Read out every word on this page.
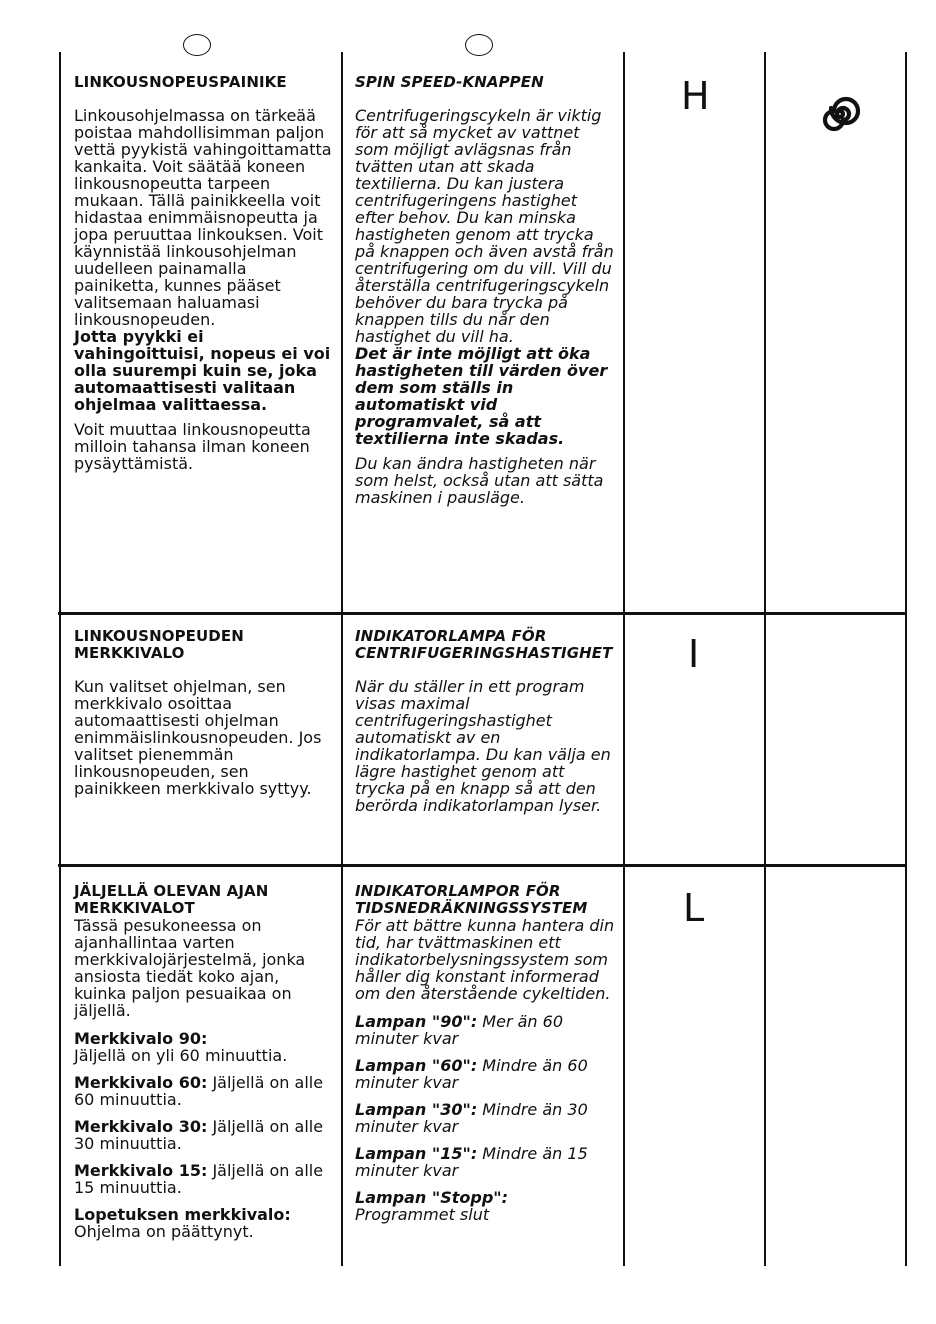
LINKOUSNOPEUSPAINIKE

Linkousohjelmassa on tärkeää poistaa mahdollisimman paljon vettä pyykistä vahingoittamatta kankaita. Voit säätää koneen linkousnopeutta tarpeen mukaan. Tällä painikkeella voit hidastaa enimmäisnopeutta ja jopa peruuttaa linkouksen. Voit käynnistää linkousohjelman uudelleen painamalla painiketta, kunnes pääset valitsemaan haluamasi linkousnopeuden.

Jotta pyykki ei vahingoittuisi, nopeus ei voi olla suurempi kuin se, joka automaattisesti valitaan ohjelmaa valittaessa.

Voit muuttaa linkousnopeutta milloin tahansa ilman koneen pysäyttämistä.

SPIN SPEED-KNAPPEN

Centrifugeringscykeln är viktig för att så mycket av vattnet som möjligt avlägsnas från tvätten utan att skada textilierna. Du kan justera centrifugeringens hastighet efter behov. Du kan minska hastigheten genom att trycka på knappen och även avstå från centrifugering om du vill. Vill du återställa centrifugeringscykeln behöver du bara trycka på knappen tills du når den hastighet du vill ha.

Det är inte möjligt att öka hastigheten till värden över dem som ställs in automatiskt vid programvalet, så att textilierna inte skadas.

Du kan ändra hastigheten när som helst, också utan att sätta maskinen i pausläge.

H
LINKOUSNOPEUDEN MERKKIVALO

Kun valitset ohjelman, sen merkkivalo osoittaa automaattisesti ohjelman enimmäislinkousnopeuden. Jos valitset pienemmän linkousnopeuden, sen painikkeen merkkivalo syttyy.

INDIKATORLAMPA FÖR CENTRIFUGERINGSHASTIGHET

När du ställer in ett program visas maximal centrifugeringshastighet automatiskt av en indikatorlampa. Du kan välja en lägre hastighet genom att trycka på en knapp så att den berörda indikatorlampan lyser.

I
JÄLJELLÄ OLEVAN AJAN MERKKIVALOT

Tässä pesukoneessa on ajanhallintaa varten merkkivalojärjestelmä, jonka ansiosta tiedät koko ajan, kuinka paljon pesuaikaa on jäljellä.

Merkkivalo 90:
Jäljellä on yli 60 minuuttia.
Merkkivalo 60: Jäljellä on alle 60 minuuttia.
Merkkivalo 30: Jäljellä on alle 30 minuuttia.
Merkkivalo 15: Jäljellä on alle 15 minuuttia.
Lopetuksen merkkivalo:
Ohjelma on päättynyt.
INDIKATORLAMPOR FÖR TIDSNEDRÄKNINGSSYSTEM

För att bättre kunna hantera din tid, har tvättmaskinen ett indikatorbelysningssystem som håller dig konstant informerad om den återstående cykeltiden.

Lampan "90": Mer än 60 minuter kvar
Lampan "60": Mindre än 60 minuter kvar
Lampan "30": Mindre än 30 minuter kvar
Lampan "15": Mindre än 15 minuter kvar
Lampan "Stopp":
Programmet slut
L
